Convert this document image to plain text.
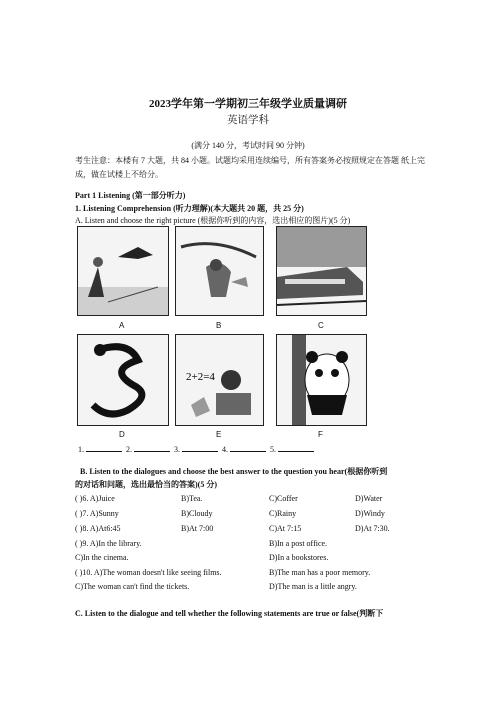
2023学年第一学期初三年级学业质量调研
英语学科
(满分 140 分，考试时间 90 分钟)
考生注意：本楼有 7 大题，共 84 小题。试题均采用连续编号，所有答案务必按照规定在答题 纸上完成，做在试楼上不给分。
Part 1 Listening (第一部分听力)
1. Listening Comprehension (听力理解)(本大题共 20 题，共 25 分)
A. Listen and choose the right picture (根据你听到的内容，选出相应的图片)(5 分)
A	B	C
D
2+2=4
E	F
1.	2.	3.	4.	5.
B. Listen to the dialogues and choose the best answer to the question you hear(根据你听到
的对话和问题，选出最恰当的答案)(5 分)
( )6. A)Juice	B)Tea.	C)Coffer	D)Water
( )7. A)Sunny	B)Cloudy	C)Rainy	D)Windy
( )8. A)At6:45	B)At 7:00	C)At 7:15	D)At 7:30.
( )9. A)In the library.	B)In a post office.
C)In the cinema.	D)In a bookstores.
( )10. A)The woman doesn't like seeing films.	B)The man has a poor memory.
C)The woman can't find the tickets.	D)The man is a little angry.
C. Listen to the dialogue and tell whether the following statements are true or false(判断下
